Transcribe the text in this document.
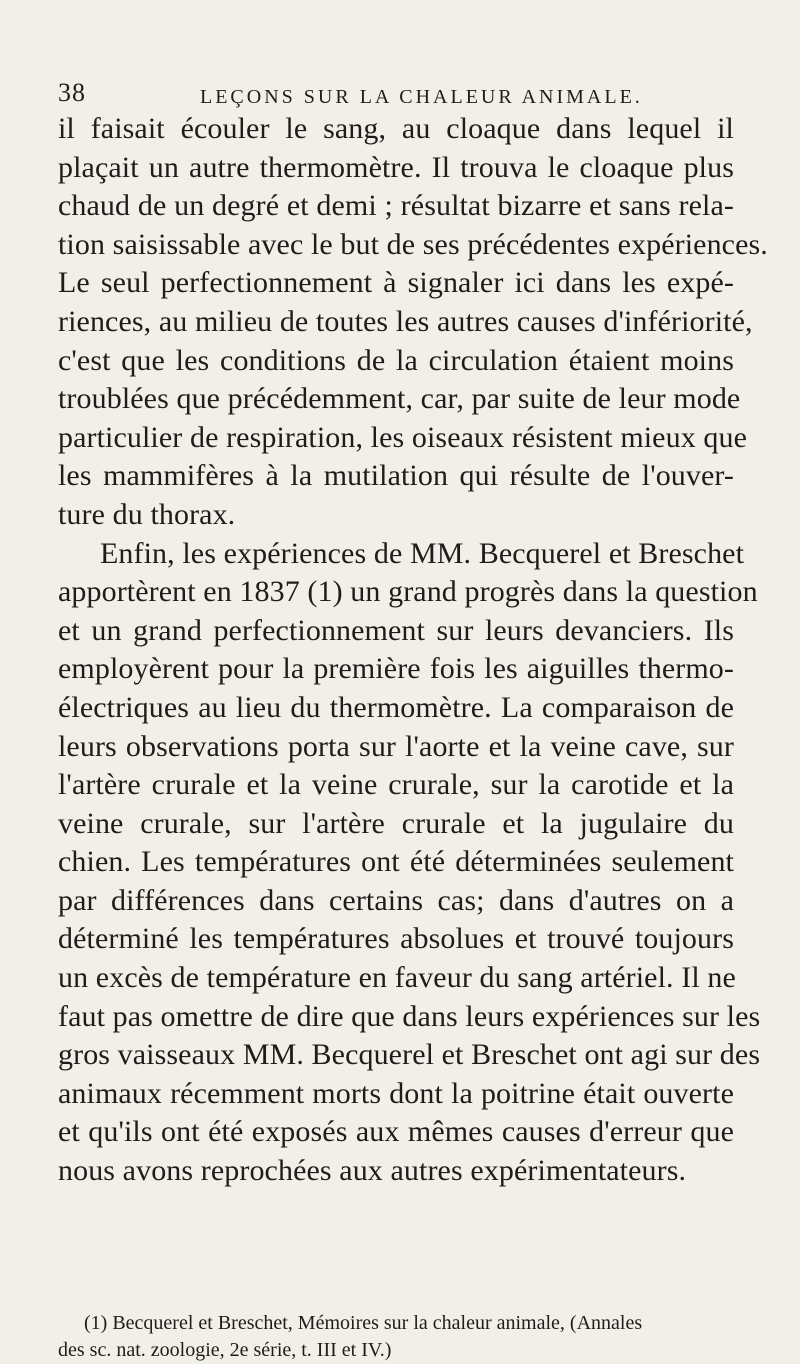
38	LEÇONS SUR LA CHALEUR ANIMALE.

il faisait écouler le sang, au cloaque dans lequel il
plaçait un autre thermomètre. Il trouva le cloaque plus
chaud de un degré et demi ; résultat bizarre et sans rela-
tion saisissable avec le but de ses précédentes expériences.
Le seul perfectionnement à signaler ici dans les expé-
riences, au milieu de toutes les autres causes d'infériorité,
c'est que les conditions de la circulation étaient moins
troublées que précédemment, car, par suite de leur mode
particulier de respiration, les oiseaux résistent mieux que
les mammifères à la mutilation qui résulte de l'ouver-
ture du thorax.

Enfin, les expériences de MM. Becquerel et Breschet
apportèrent en 1837 (1) un grand progrès dans la question
et un grand perfectionnement sur leurs devanciers. Ils
employèrent pour la première fois les aiguilles thermo-
électriques au lieu du thermomètre. La comparaison de
leurs observations porta sur l'aorte et la veine cave, sur
l'artère crurale et la veine crurale, sur la carotide et la
veine crurale, sur l'artère crurale et la jugulaire du
chien. Les températures ont été déterminées seulement
par différences dans certains cas; dans d'autres on a
déterminé les températures absolues et trouvé toujours
un excès de température en faveur du sang artériel. Il ne
faut pas omettre de dire que dans leurs expériences sur les
gros vaisseaux MM. Becquerel et Breschet ont agi sur des
animaux récemment morts dont la poitrine était ouverte
et qu'ils ont été exposés aux mêmes causes d'erreur que
nous avons reprochées aux autres expérimentateurs.

(1) Becquerel et Breschet, Mémoires sur la chaleur animale, (Annales
des sc. nat. zoologie, 2e série, t. III et IV.)
